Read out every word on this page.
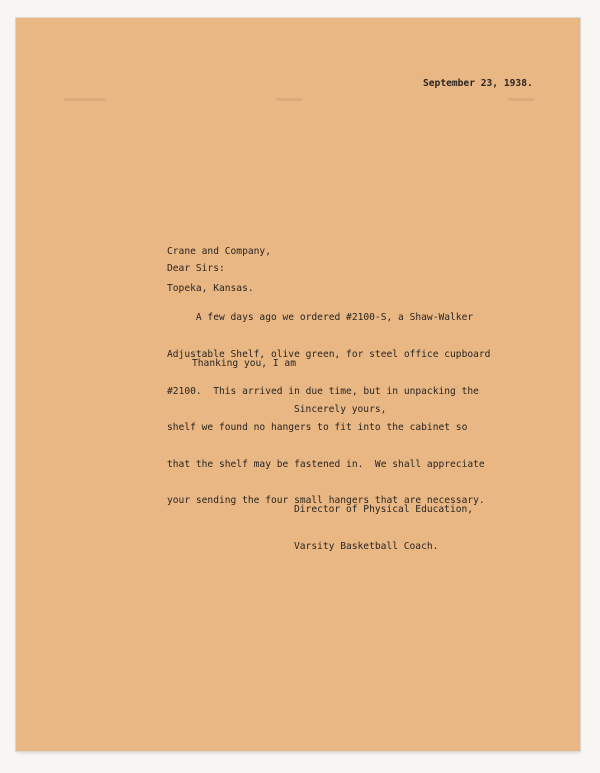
September 23, 1938.

Crane and Company,

Topeka, Kansas.

Dear Sirs:

A few days ago we ordered #2100-S, a Shaw-Walker

Adjustable Shelf, olive green, for steel office cupboard

#2100.  This arrived in due time, but in unpacking the

shelf we found no hangers to fit into the cabinet so

that the shelf may be fastened in.  We shall appreciate

your sending the four small hangers that are necessary.

Thanking you, I am

Sincerely yours,

Director of Physical Education,

Varsity Basketball Coach.
